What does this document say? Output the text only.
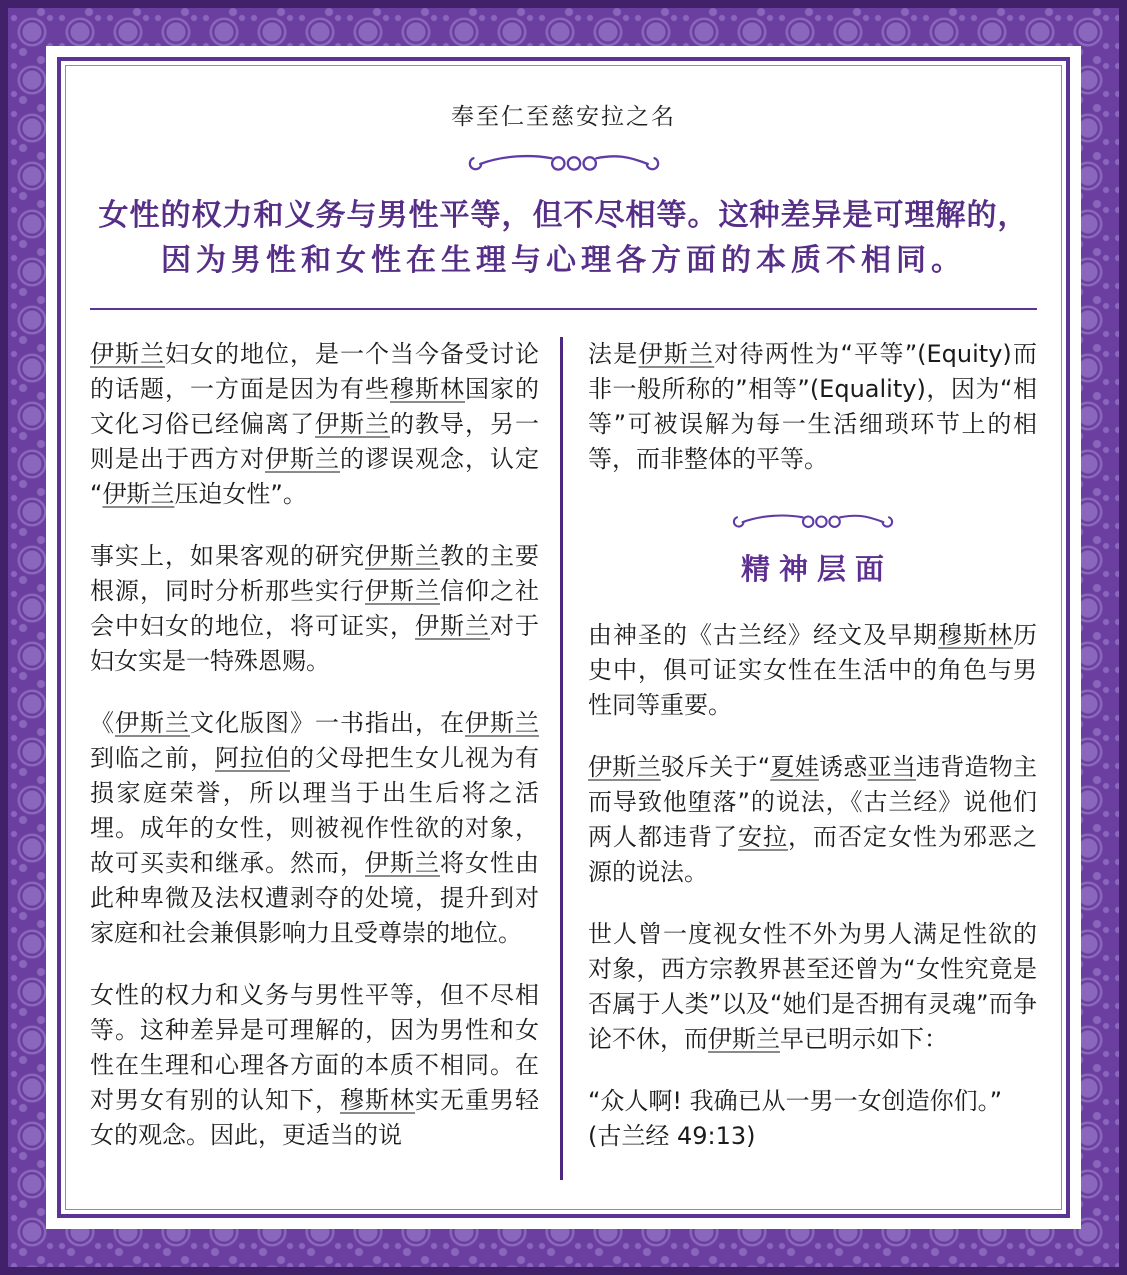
奉至仁至慈安拉之名
女性的权力和义务与男性平等，但不尽相等。这种差异是可理解的，
因为男性和女性在生理与心理各方面的本质不相同。

伊斯兰妇女的地位，是一个当今备受讨论的话题，一方面是因为有些穆斯林国家的文化习俗已经偏离了伊斯兰的教导，另一则是出于西方对伊斯兰的谬误观念，认定“伊斯兰压迫女性”。

事实上，如果客观的研究伊斯兰教的主要根源，同时分析那些实行伊斯兰信仰之社会中妇女的地位，将可证实，伊斯兰对于妇女实是一特殊恩赐。

《伊斯兰文化版图》一书指出，在伊斯兰到临之前，阿拉伯的父母把生女儿视为有损家庭荣誉，所以理当于出生后将之活埋。成年的女性，则被视作性欲的对象，故可买卖和继承。然而，伊斯兰将女性由此种卑微及法权遭剥夺的处境，提升到对家庭和社会兼俱影响力且受尊崇的地位。

女性的权力和义务与男性平等，但不尽相等。这种差异是可理解的，因为男性和女性在生理和心理各方面的本质不相同。在对男女有别的认知下，穆斯林实无重男轻女的观念。因此，更适当的说

法是伊斯兰对待两性为“平等”(Equity)而非一般所称的”相等”(Equality)，因为“相等”可被误解为每一生活细琐环节上的相等，而非整体的平等。

精神层面

由神圣的《古兰经》经文及早期穆斯林历史中，俱可证实女性在生活中的角色与男性同等重要。

伊斯兰驳斥关于“夏娃诱惑亚当违背造物主而导致他堕落”的说法，《古兰经》说他们两人都违背了安拉，而否定女性为邪恶之源的说法。

世人曾一度视女性不外为男人满足性欲的对象，西方宗教界甚至还曾为“女性究竟是否属于人类”以及“她们是否拥有灵魂”而争论不休，而伊斯兰早已明示如下：

“众人啊! 我确已从一男一女创造你们。”

(古兰经 49:13)
